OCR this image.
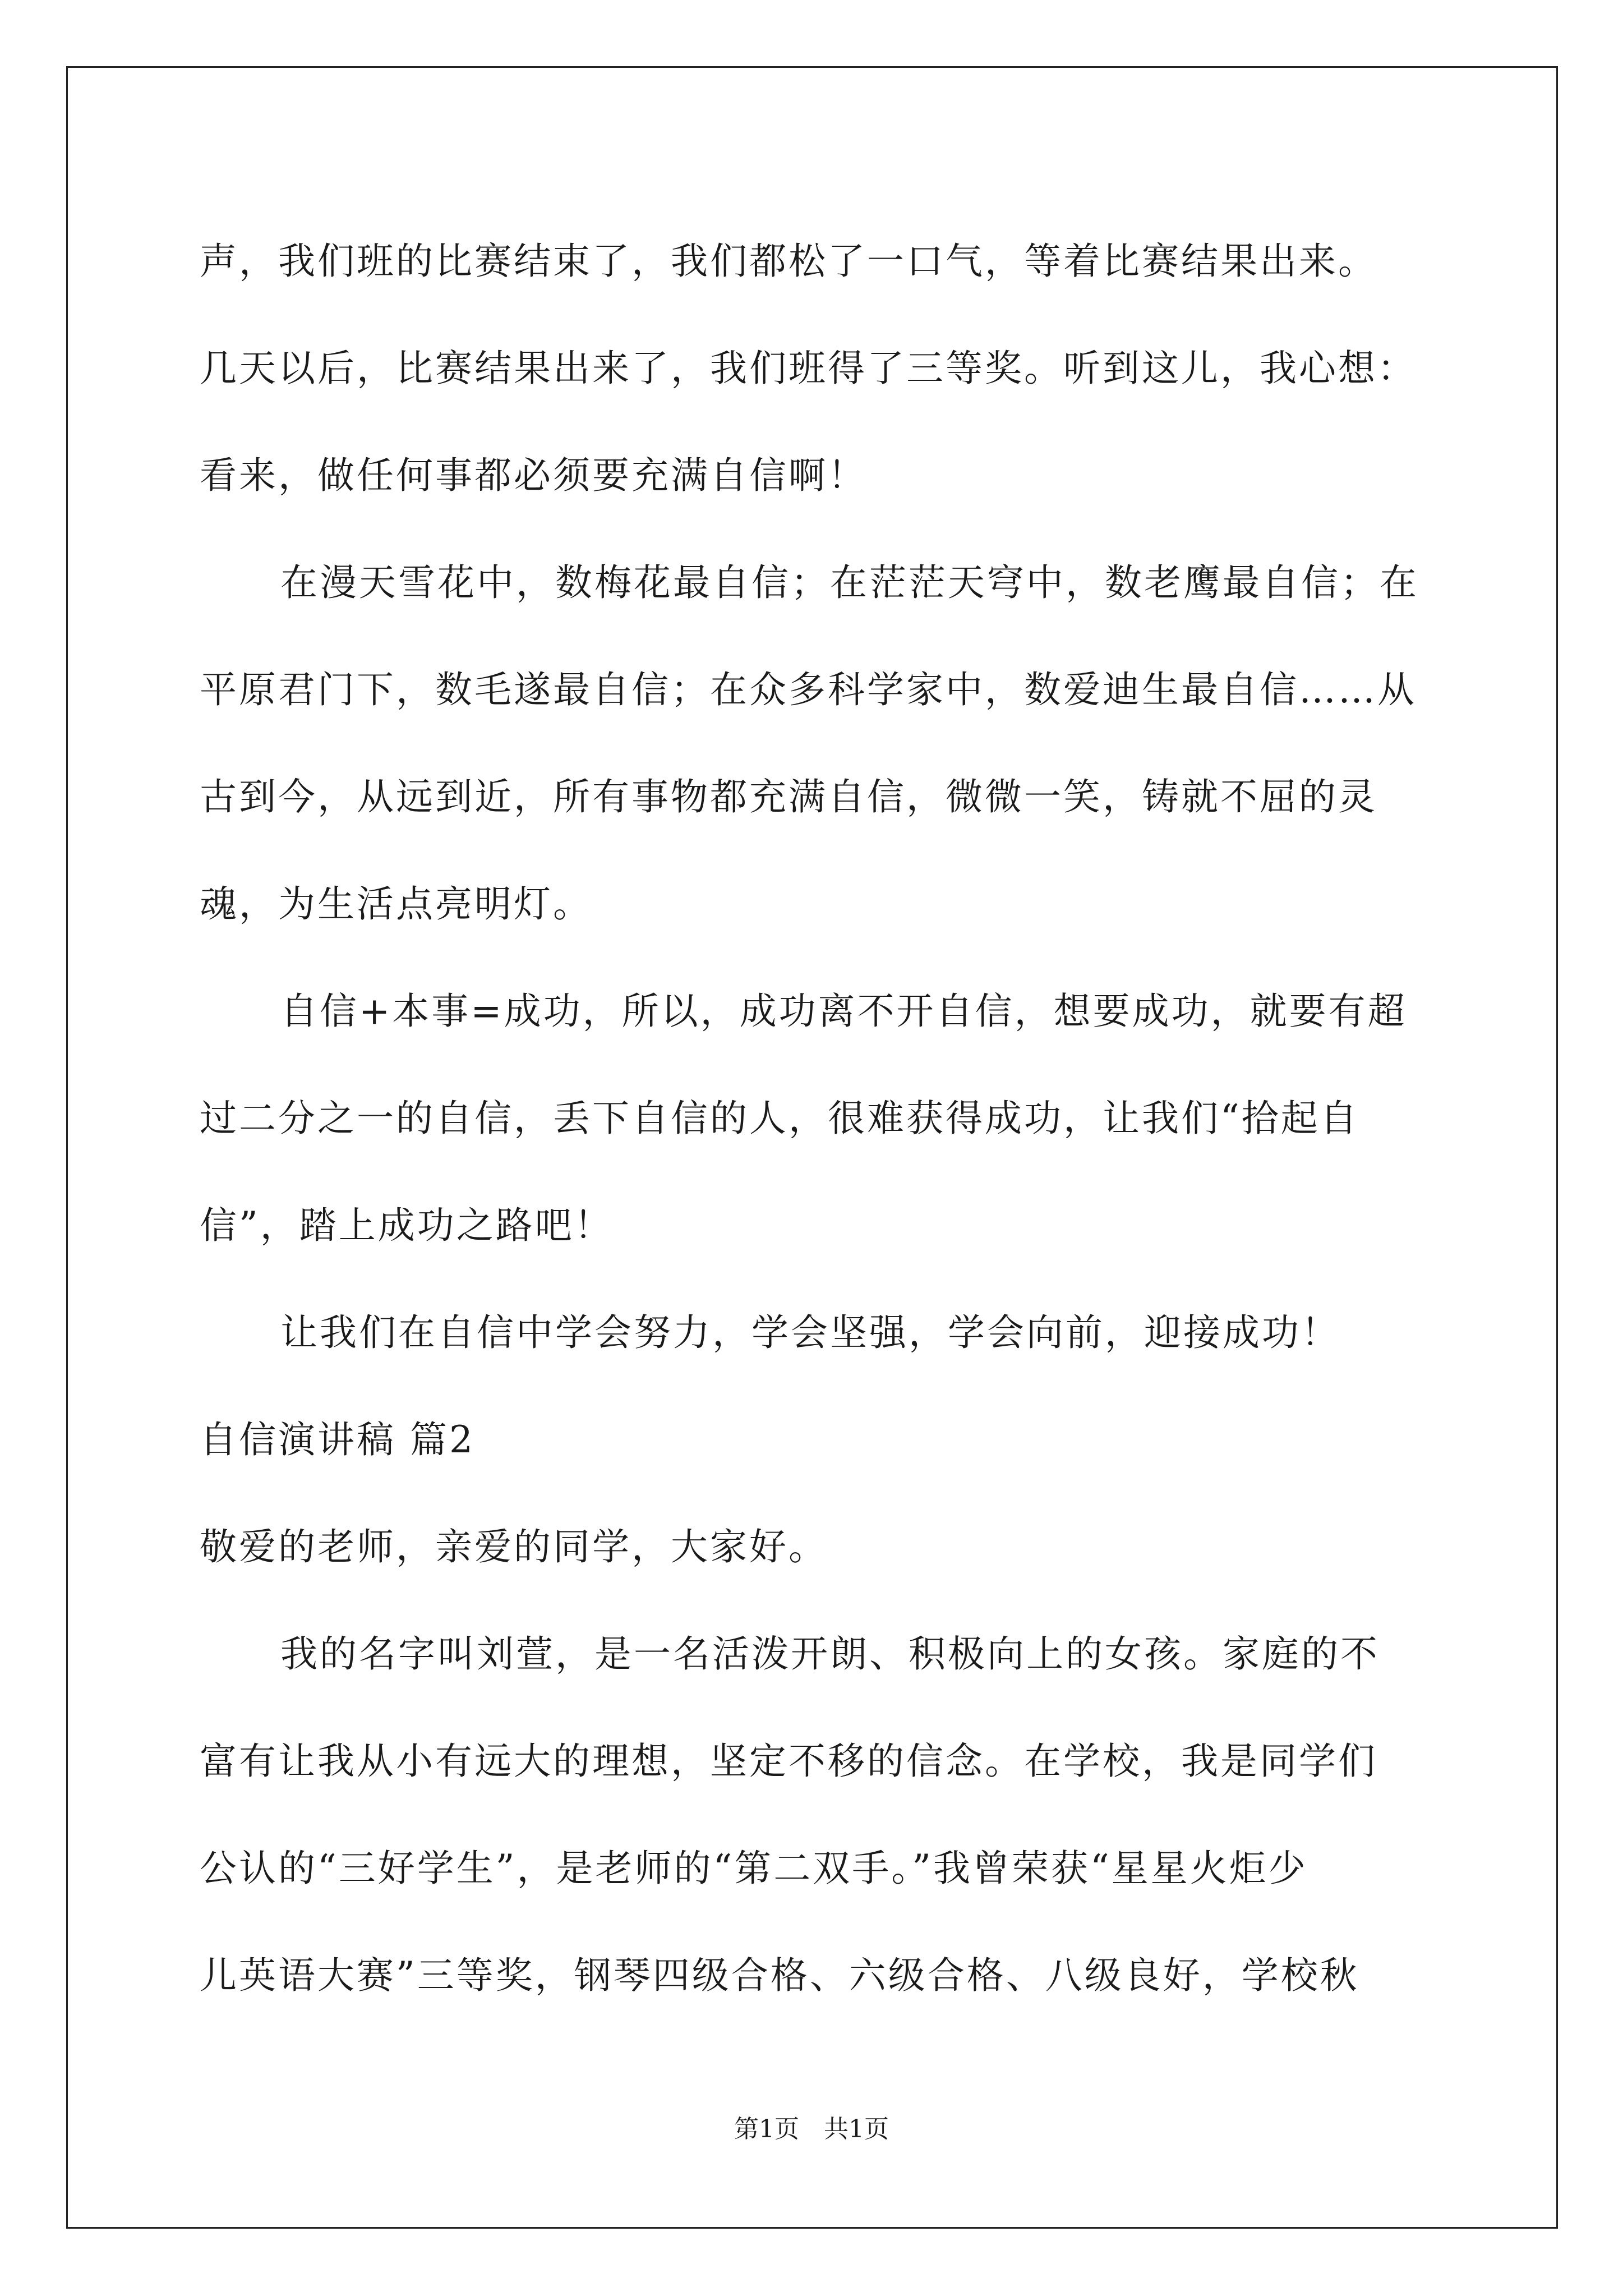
声，我们班的比赛结束了，我们都松了一口气，等着比赛结果出来。
几天以后，比赛结果出来了，我们班得了三等奖。听到这儿，我心想：
看来，做任何事都必须要充满自信啊！
在漫天雪花中，数梅花最自信；在茫茫天穹中，数老鹰最自信；在
平原君门下，数毛遂最自信；在众多科学家中，数爱迪生最自信……从
古到今，从远到近，所有事物都充满自信，微微一笑，铸就不屈的灵
魂，为生活点亮明灯。
自信+本事=成功，所以，成功离不开自信，想要成功，就要有超
过二分之一的自信，丢下自信的人，很难获得成功，让我们“拾起自
信”，踏上成功之路吧！
让我们在自信中学会努力，学会坚强，学会向前，迎接成功！
自信演讲稿 篇2
敬爱的老师，亲爱的同学，大家好。
我的名字叫刘萱，是一名活泼开朗、积极向上的女孩。家庭的不
富有让我从小有远大的理想，坚定不移的信念。在学校，我是同学们
公认的“三好学生”，是老师的“第二双手。”我曾荣获“星星火炬少
儿英语大赛”三等奖，钢琴四级合格、六级合格、八级良好，学校秋
第1页　共1页
